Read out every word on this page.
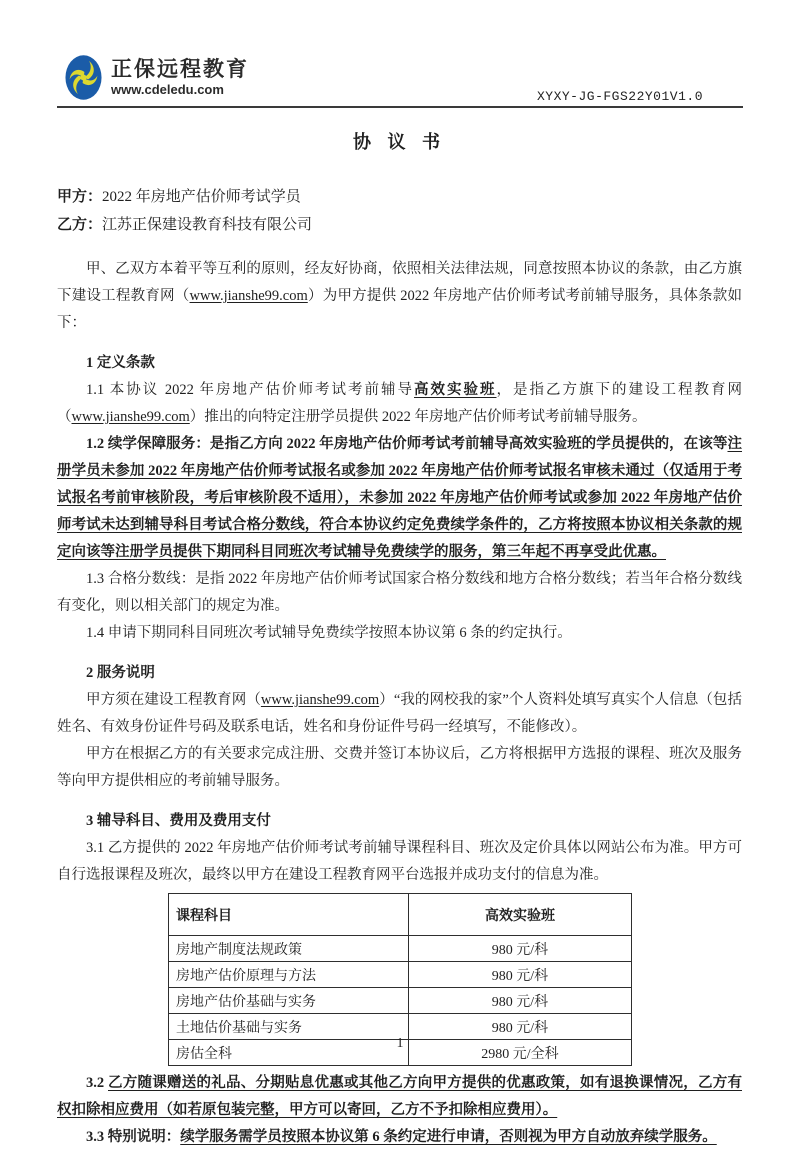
正保远程教育
www.cdeledu.com	XYXY-JG-FGS22Y01V1.0
协 议 书
甲方：2022 年房地产估价师考试学员
乙方：江苏正保建设教育科技有限公司

甲、乙双方本着平等互利的原则，经友好协商，依照相关法律法规，同意按照本协议的条款，由乙方旗下建设工程教育网（www.jianshe99.com）为甲方提供 2022 年房地产估价师考试考前辅导服务，具体条款如下：

1 定义条款

1.1 本协议 2022 年房地产估价师考试考前辅导高效实验班，是指乙方旗下的建设工程教育网（www.jianshe99.com）推出的向特定注册学员提供 2022 年房地产估价师考试考前辅导服务。

1.2 续学保障服务：是指乙方向 2022 年房地产估价师考试考前辅导高效实验班的学员提供的，在该等注册学员未参加 2022 年房地产估价师考试报名或参加 2022 年房地产估价师考试报名审核未通过（仅适用于考试报名考前审核阶段，考后审核阶段不适用），未参加 2022 年房地产估价师考试或参加 2022 年房地产估价师考试未达到辅导科目考试合格分数线，符合本协议约定免费续学条件的，乙方将按照本协议相关条款的规定向该等注册学员提供下期同科目同班次考试辅导免费续学的服务，第三年起不再享受此优惠。

1.3 合格分数线：是指 2022 年房地产估价师考试国家合格分数线和地方合格分数线；若当年合格分数线有变化，则以相关部门的规定为准。

1.4 申请下期同科目同班次考试辅导免费续学按照本协议第 6 条的约定执行。

2 服务说明

甲方须在建设工程教育网（www.jianshe99.com）“我的网校我的家”个人资料处填写真实个人信息（包括姓名、有效身份证件号码及联系电话，姓名和身份证件号码一经填写，不能修改）。

甲方在根据乙方的有关要求完成注册、交费并签订本协议后，乙方将根据甲方选报的课程、班次及服务等向甲方提供相应的考前辅导服务。

3 辅导科目、费用及费用支付

3.1 乙方提供的 2022 年房地产估价师考试考前辅导课程科目、班次及定价具体以网站公布为准。甲方可自行选报课程及班次，最终以甲方在建设工程教育网平台选报并成功支付的信息为准。

课程科目	高效实验班
房地产制度法规政策	980 元/科
房地产估价原理与方法	980 元/科
房地产估价基础与实务	980 元/科
土地估价基础与实务	980 元/科
房估全科	2980 元/全科

3.2 乙方随课赠送的礼品、分期贴息优惠或其他乙方向甲方提供的优惠政策，如有退换课情况，乙方有权扣除相应费用（如若原包装完整，甲方可以寄回，乙方不予扣除相应费用）。

3.3 特别说明：续学服务需学员按照本协议第 6 条约定进行申请，否则视为甲方自动放弃续学服务。

1
